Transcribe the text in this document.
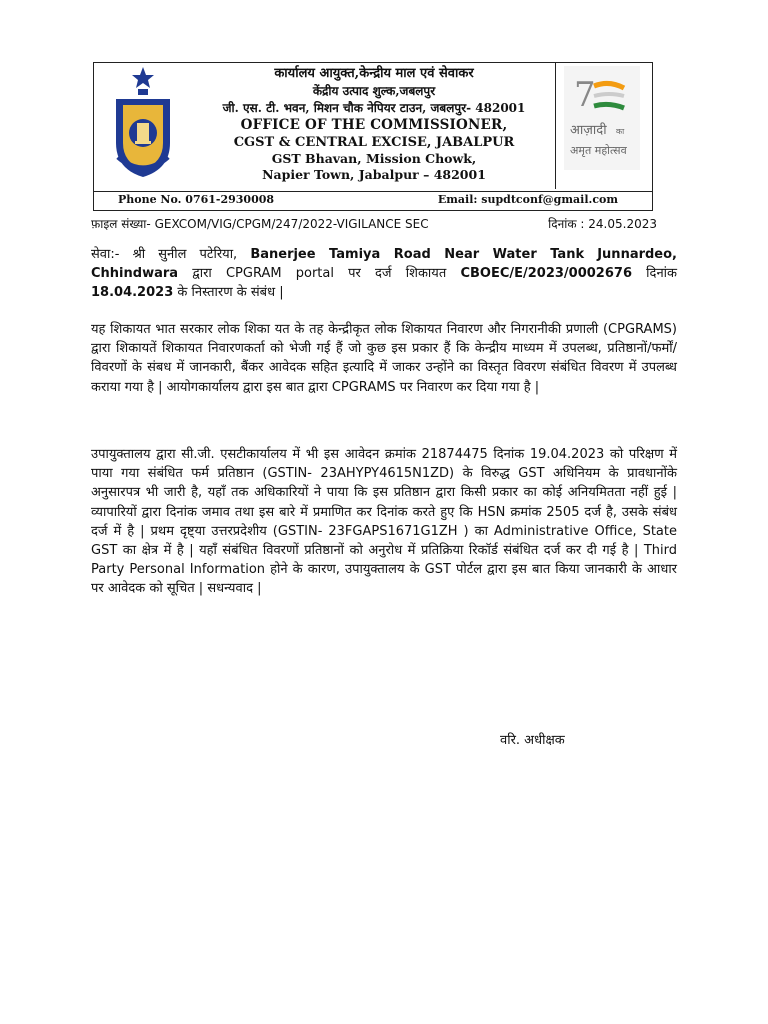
कार्यालय आयुक्त,केन्द्रीय माल एवं सेवाकर
केंद्रीय उत्पाद शुल्क,जबलपुर
जी. एस. टी. भवन, मिशन चौक नेपियर टाउन, जबलपुर- 482001
OFFICE OF THE COMMISSIONER,
CGST & CENTRAL EXCISE, JABALPUR
GST Bhavan, Mission Chowk,
Napier Town, Jabalpur – 482001
7
आज़ादी का
अमृत महोत्सव
Phone No. 0761-2930008	Email: supdtconf@gmail.com
फ़ाइल संख्या- GEXCOM/VIG/CPGM/247/2022-VIGILANCE SEC	दिनांक : 24.05.2023
सेवा:- श्री सुनील पटेरिया, Banerjee Tamiya Road Near Water Tank Junnardeo, Chhindwara द्वारा CPGRAM portal पर दर्ज शिकायत CBOEC/E/2023/0002676 दिनांक 18.04.2023 के निस्तारण के संबंध |
यह शिकायत भात सरकार लोक शिका यत के तह केन्द्रीकृत लोक शिकायत निवारण और निगरानीकी प्रणाली (CPGRAMS) द्वारा शिकायतें शिकायत निवारणकर्ता को भेजी गई हैं जो कुछ इस प्रकार हैं कि केन्द्रीय माध्यम में उपलब्ध, प्रतिष्ठानों/फर्मों/विवरणों के संबध में जानकारी, बैंकर आवेदक सहित इत्यादि में जाकर उन्होंने का विस्तृत विवरण संबंधित विवरण में उपलब्ध कराया गया है | आयोगकार्यालय द्वारा इस बात द्वारा CPGRAMS पर निवारण कर दिया गया है |
उपायुक्तालय द्वारा सी.जी. एसटीकार्यालय में भी इस आवेदन क्रमांक 21874475 दिनांक 19.04.2023 को परिक्षण में पाया गया संबंधित फर्म प्रतिष्ठान (GSTIN- 23AHYPY4615N1ZD) के विरुद्ध GST अधिनियम के प्रावधानोंके अनुसारपत्र भी जारी है, यहाँ तक अधिकारियों ने पाया कि इस प्रतिष्ठान द्वारा किसी प्रकार का कोई अनियमितता नहीं हुई | व्यापारियों द्वारा दिनांक जमाव तथा इस बारे में प्रमाणित कर दिनांक करते हुए कि HSN क्रमांक 2505 दर्ज है, उसके संबंध दर्ज में है | प्रथम दृष्ट्या उत्तरप्रदेशीय (GSTIN- 23FGAPS1671G1ZH ) का Administrative Office, State GST का क्षेत्र में है | यहाँ संबंधित विवरणों प्रतिष्ठानों को अनुरोध में प्रतिक्रिया रिकॉर्ड संबंधित दर्ज कर दी गई है | Third Party Personal Information होने के कारण, उपायुक्तालय के GST पोर्टल द्वारा इस बात किया जानकारी के आधार पर आवेदक को सूचित | सधन्यवाद |
वरि. अधीक्षक
